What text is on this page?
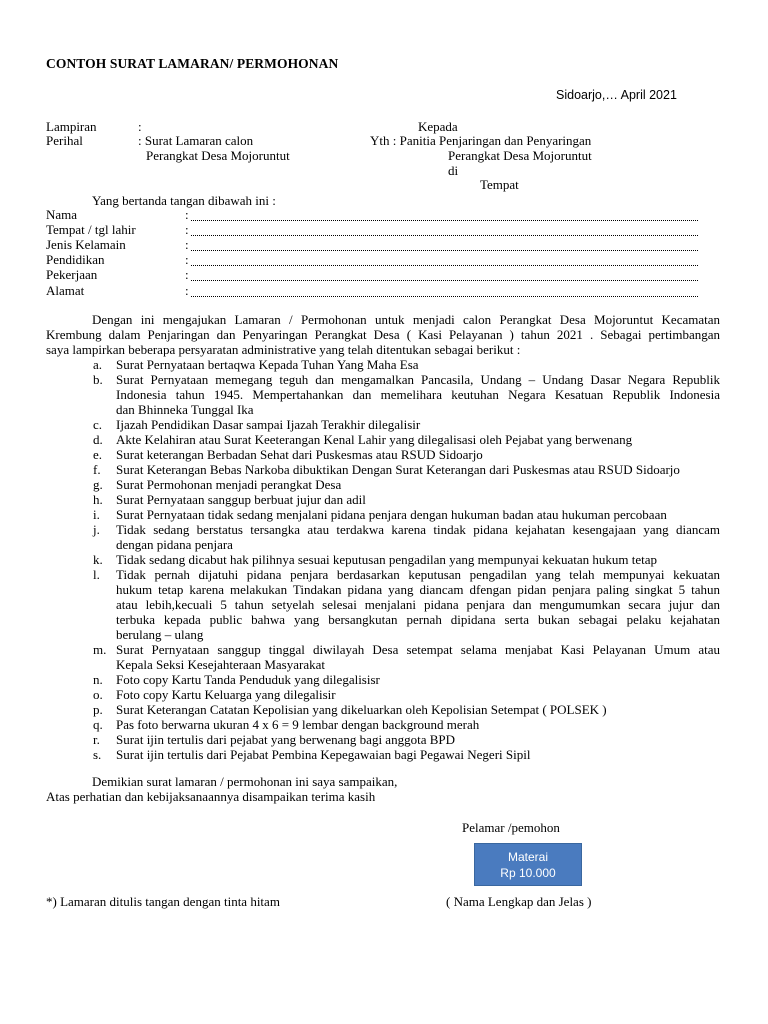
CONTOH SURAT LAMARAN/ PERMOHONAN
Sidoarjo,… April 2021
Lampiran	:
Perihal	: Surat Lamaran calon
Perangkat Desa Mojoruntut
Kepada
Yth : Panitia Penjaringan dan Penyaringan
Perangkat Desa Mojoruntut
di
Tempat
Yang bertanda tangan dibawah ini :
Nama	:
Tempat / tgl lahir	:
Jenis Kelamain	:
Pendidikan	:
Pekerjaan	:
Alamat	:
Dengan ini mengajukan Lamaran / Permohonan untuk menjadi calon Perangkat Desa Mojoruntut Kecamatan
Krembung dalam Penjaringan dan Penyaringan Perangkat Desa ( Kasi Pelayanan ) tahun 2021 . Sebagai pertimbangan
saya lampirkan beberapa persyaratan administrative yang telah ditentukan sebagai berikut :
a. Surat Pernyataan bertaqwa Kepada Tuhan Yang Maha Esa
b. Surat Pernyataan memegang teguh dan mengamalkan Pancasila, Undang – Undang Dasar Negara Republik
Indonesia tahun 1945. Mempertahankan dan memelihara keutuhan Negara Kesatuan Republik Indonesia
dan Bhinneka Tunggal Ika
c. Ijazah Pendidikan Dasar sampai Ijazah Terakhir dilegalisir
d. Akte Kelahiran atau Surat Keeterangan Kenal Lahir yang dilegalisasi oleh Pejabat yang berwenang
e. Surat keterangan Berbadan Sehat dari Puskesmas atau RSUD Sidoarjo
f. Surat Keterangan Bebas Narkoba dibuktikan Dengan Surat Keterangan dari Puskesmas atau RSUD Sidoarjo
g. Surat Permohonan menjadi perangkat Desa
h. Surat Pernyataan sanggup berbuat jujur dan adil
i. Surat Pernyataan tidak sedang menjalani pidana penjara dengan hukuman badan atau hukuman percobaan
j. Tidak sedang berstatus tersangka atau terdakwa karena tindak pidana kejahatan kesengajaan yang diancam
dengan pidana penjara
k. Tidak sedang dicabut hak pilihnya sesuai keputusan pengadilan yang mempunyai kekuatan hukum tetap
l. Tidak pernah dijatuhi pidana penjara berdasarkan keputusan pengadilan yang telah mempunyai kekuatan
hukum tetap karena melakukan Tindakan pidana yang diancam dfengan pidan penjara paling singkat 5 tahun
atau lebih,kecuali 5 tahun setyelah selesai menjalani pidana penjara dan mengumumkan secara jujur dan
terbuka kepada public bahwa yang bersangkutan pernah dipidana serta bukan sebagai pelaku kejahatan
berulang – ulang
m. Surat Pernyataan sanggup tinggal diwilayah Desa setempat selama menjabat Kasi Pelayanan Umum atau
Kepala Seksi Kesejahteraan Masyarakat
n. Foto copy Kartu Tanda Penduduk yang dilegalisisr
o. Foto copy Kartu Keluarga yang dilegalisir
p. Surat Keterangan Catatan Kepolisian yang dikeluarkan oleh Kepolisian Setempat ( POLSEK )
q. Pas foto berwarna ukuran 4 x 6 = 9 lembar dengan background merah
r. Surat ijin tertulis dari pejabat yang berwenang bagi anggota BPD
s. Surat ijin tertulis dari Pejabat Pembina Kepegawaian bagi Pegawai Negeri Sipil
Demikian surat lamaran / permohonan ini saya sampaikan,
Atas perhatian dan kebijaksanaannya disampaikan terima kasih
Pelamar /pemohon
Materai
Rp 10.000
*) Lamaran ditulis tangan dengan tinta hitam	( Nama Lengkap dan Jelas )
